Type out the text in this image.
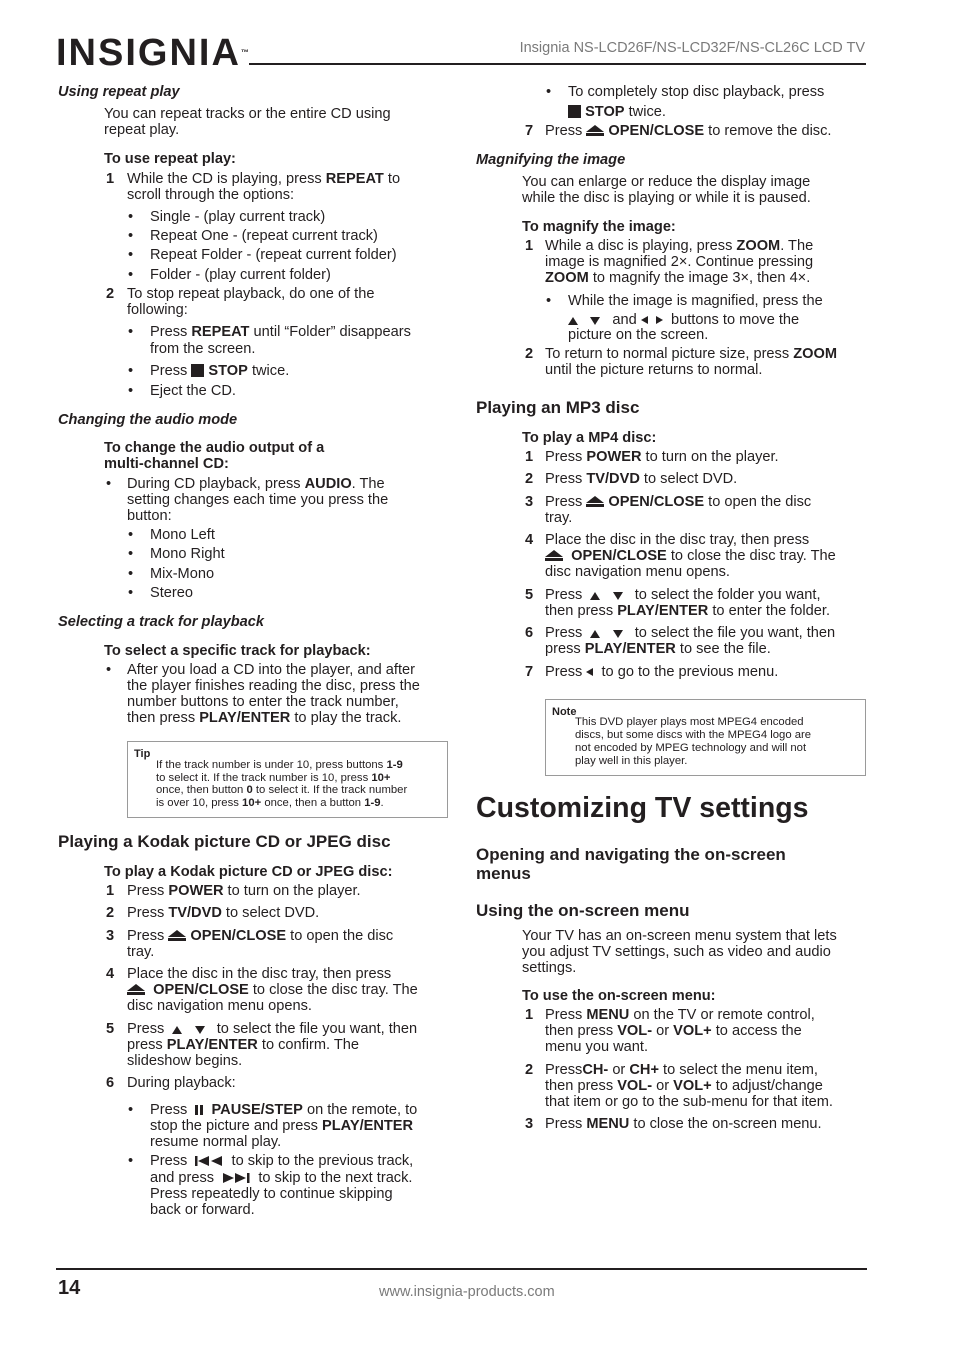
INSIGNIA™	Insignia NS-LCD26F/NS-LCD32F/NS-CL26C LCD TV
Using repeat play
You can repeat tracks or the entire CD using
repeat play.
To use repeat play:
1 While the CD is playing, press REPEAT to
scroll through the options:
• Single - (play current track)
• Repeat One - (repeat current track)
• Repeat Folder - (repeat current folder)
• Folder - (play current folder)
2 To stop repeat playback, do one of the
following:
• Press REPEAT until “Folder” disappears
from the screen.
• Press  STOP twice.
• Eject the CD.
Changing the audio mode
To change the audio output of a
multi-channel CD:
• During CD playback, press AUDIO. The
setting changes each time you press the
button:
• Mono Left
• Mono Right
• Mix-Mono
• Stereo
Selecting a track for playback
To select a specific track for playback:
• After you load a CD into the player, and after
the player finishes reading the disc, press the
number buttons to enter the track number,
then press PLAY/ENTER to play the track.
Tip
If the track number is under 10, press buttons 1-9
to select it. If the track number is 10, press 10+
once, then button 0 to select it. If the track number
is over 10, press 10+ once, then a button 1-9.
Playing a Kodak picture CD or JPEG disc
To play a Kodak picture CD or JPEG disc:
1 Press POWER to turn on the player.
2 Press TV/DVD to select DVD.
3 Press  OPEN/CLOSE to open the disc
tray.
4 Place the disc in the disc tray, then press
OPEN/CLOSE to close the disc tray. The
disc navigation menu opens.
5 Press	to select the file you want, then
press PLAY/ENTER to confirm. The
slideshow begins.
6 During playback:
• Press    PAUSE/STEP on the remote, to
stop the picture and press PLAY/ENTER
resume normal play.
• Press    to skip to the previous track,
and press    to skip to the next track.
Press repeatedly to continue skipping
back or forward.
• To completely stop disc playback, press
STOP twice.
7 Press  OPEN/CLOSE to remove the disc.
Magnifying the image
You can enlarge or reduce the display image
while the disc is playing or while it is paused.
To magnify the image:
1 While a disc is playing, press ZOOM. The
image is magnified 2×. Continue pressing
ZOOM to magnify the image 3×, then 4×.
• While the image is magnified, press the
and     buttons to move the
picture on the screen.
2 To return to normal picture size, press ZOOM
until the picture returns to normal.
Playing an MP3 disc
To play a MP4 disc:
1 Press POWER to turn on the player.
2 Press TV/DVD to select DVD.
3 Press  OPEN/CLOSE to open the disc
tray.
4 Place the disc in the disc tray, then press
OPEN/CLOSE to close the disc tray. The
disc navigation menu opens.
5 Press	to select the folder you want,
then press PLAY/ENTER to enter the folder.
6 Press	to select the file you want, then
press PLAY/ENTER to see the file.
7 Press   to go to the previous menu.
Note
This DVD player plays most MPEG4 encoded
discs, but some discs with the MPEG4 logo are
not encoded by MPEG technology and will not
play well in this player.
Customizing TV settings
Opening and navigating the on-screen
menus
Using the on-screen menu
Your TV has an on-screen menu system that lets
you adjust TV settings, such as video and audio
settings.
To use the on-screen menu:
1 Press MENU on the TV or remote control,
then press VOL- or VOL+ to access the
menu you want.
2 PressCH- or CH+ to select the menu item,
then press VOL- or VOL+ to adjust/change
that item or go to the sub-menu for that item.
3 Press MENU to close the on-screen menu.
14	www.insignia-products.com
